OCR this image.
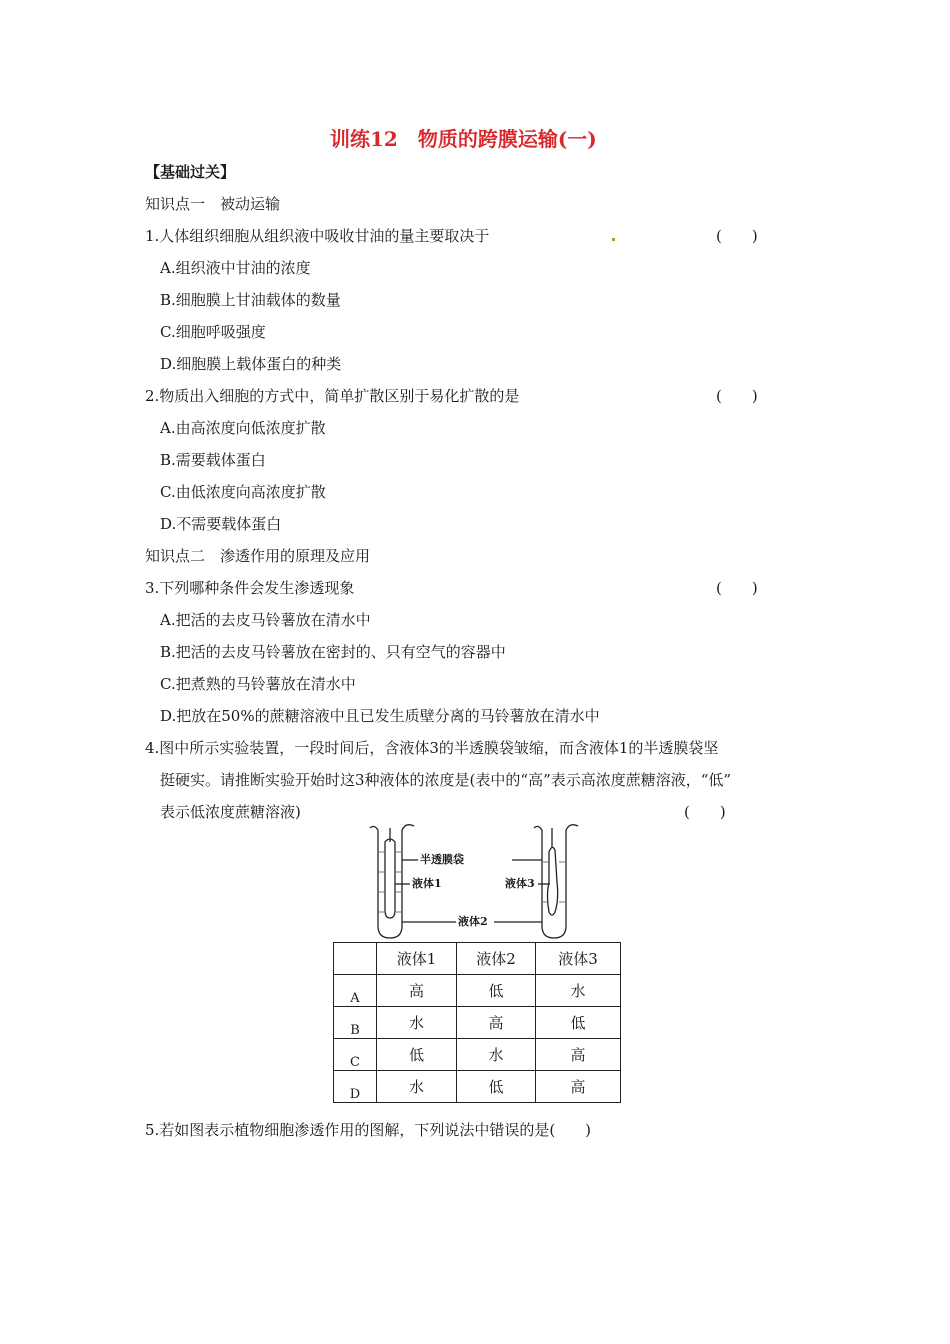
训练12　物质的跨膜运输(一)
【基础过关】
知识点一　被动运输
1.人体组织细胞从组织液中吸收甘油的量主要取决于	(　　)
A.组织液中甘油的浓度
B.细胞膜上甘油载体的数量
C.细胞呼吸强度
D.细胞膜上载体蛋白的种类
2.物质出入细胞的方式中，简单扩散区别于易化扩散的是	(　　)
A.由高浓度向低浓度扩散
B.需要载体蛋白
C.由低浓度向高浓度扩散
D.不需要载体蛋白
知识点二　渗透作用的原理及应用
3.下列哪种条件会发生渗透现象	(　　)
A.把活的去皮马铃薯放在清水中
B.把活的去皮马铃薯放在密封的、只有空气的容器中
C.把煮熟的马铃薯放在清水中
D.把放在50%的蔗糖溶液中且已发生质壁分离的马铃薯放在清水中
4.图中所示实验装置，一段时间后，含液体3的半透膜袋皱缩，而含液体1的半透膜袋坚
挺硬实。请推断实验开始时这3种液体的浓度是(表中的“高”表示高浓度蔗糖溶液，“低”
表示低浓度蔗糖溶液)	(　　)
半透膜袋
液体1	液体3
液体2
	液体1	液体2	液体3
A	高	低	水
B	水	高	低
C	低	水	高
D	水	低	高
5.若如图表示植物细胞渗透作用的图解，下列说法中错误的是(　　)
